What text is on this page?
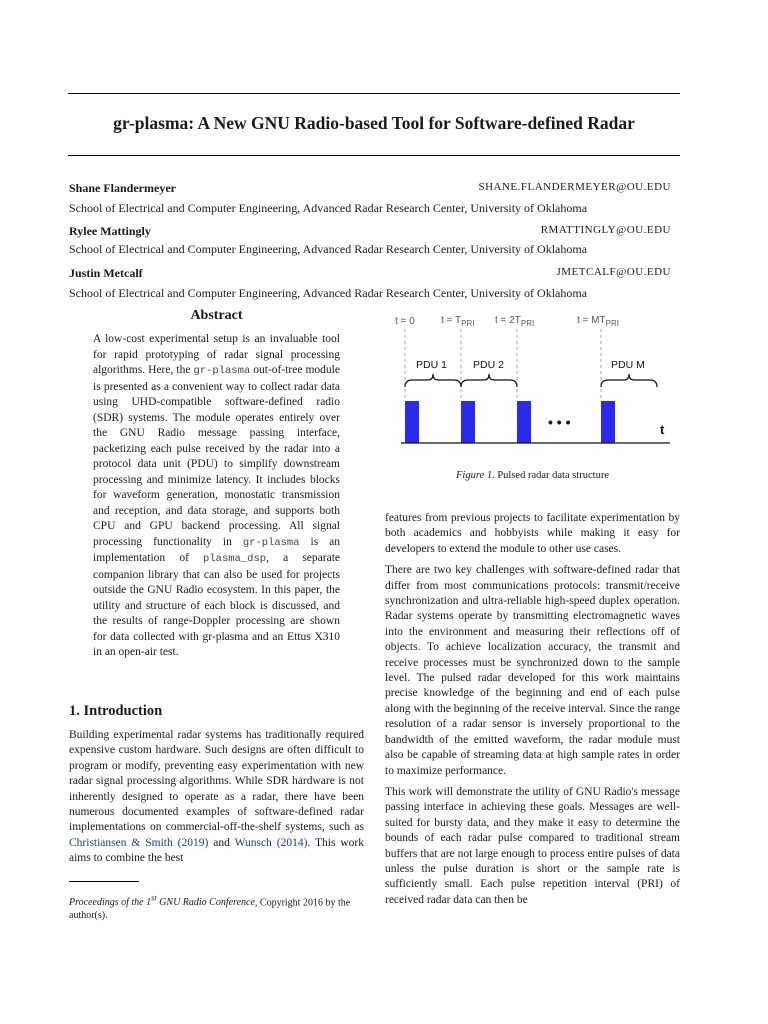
gr-plasma: A New GNU Radio-based Tool for Software-defined Radar
Shane Flandermeyer	SHANE.FLANDERMEYER@OU.EDU
School of Electrical and Computer Engineering, Advanced Radar Research Center, University of Oklahoma
Rylee Mattingly	RMATTINGLY@OU.EDU
School of Electrical and Computer Engineering, Advanced Radar Research Center, University of Oklahoma
Justin Metcalf	JMETCALF@OU.EDU
School of Electrical and Computer Engineering, Advanced Radar Research Center, University of Oklahoma
Abstract

A low-cost experimental setup is an invaluable tool for rapid prototyping of radar signal processing algorithms. Here, the gr-plasma out-of-tree module is presented as a convenient way to collect radar data using UHD-compatible software-defined radio (SDR) systems. The module operates entirely over the GNU Radio message passing interface, packetizing each pulse received by the radar into a protocol data unit (PDU) to simplify downstream processing and minimize latency. It includes blocks for waveform generation, monostatic transmission and reception, and data storage, and supports both CPU and GPU backend processing. All signal processing functionality in gr-plasma is an implementation of plasma_dsp, a separate companion library that can also be used for projects outside the GNU Radio ecosystem. In this paper, the utility and structure of each block is discussed, and the results of range-Doppler processing are shown for data collected with gr-plasma and an Ettus X310 in an open-air test.

1. Introduction

Building experimental radar systems has traditionally required expensive custom hardware. Such designs are often difficult to program or modify, preventing easy experimentation with new radar signal processing algorithms. While SDR hardware is not inherently designed to operate as a radar, there have been numerous documented examples of software-defined radar implementations on commercial-off-the-shelf systems, such as Christiansen & Smith (2019) and Wunsch (2014). This work aims to combine the best

Proceedings of the 1st GNU Radio Conference, Copyright 2016 by the author(s).
t = 0	$t = T_{PRI}$ $t = 2T_{PRI}$	$t = MT_{PRI}$
PDU 1 PDU 2	PDU M
• • •	t
Figure 1. Pulsed radar data structure

features from previous projects to facilitate experimentation by both academics and hobbyists while making it easy for developers to extend the module to other use cases.

There are two key challenges with software-defined radar that differ from most communications protocols: transmit/receive synchronization and ultra-reliable high-speed duplex operation. Radar systems operate by transmitting electromagnetic waves into the environment and measuring their reflections off of objects. To achieve localization accuracy, the transmit and receive processes must be synchronized down to the sample level. The pulsed radar developed for this work maintains precise knowledge of the beginning and end of each pulse along with the beginning of the receive interval. Since the range resolution of a radar sensor is inversely proportional to the bandwidth of the emitted waveform, the radar module must also be capable of streaming data at high sample rates in order to maximize performance.

This work will demonstrate the utility of GNU Radio's message passing interface in achieving these goals. Messages are well-suited for bursty data, and they make it easy to determine the bounds of each radar pulse compared to traditional stream buffers that are not large enough to process entire pulses of data unless the pulse duration is short or the sample rate is sufficiently small. Each pulse repetition interval (PRI) of received radar data can then be
